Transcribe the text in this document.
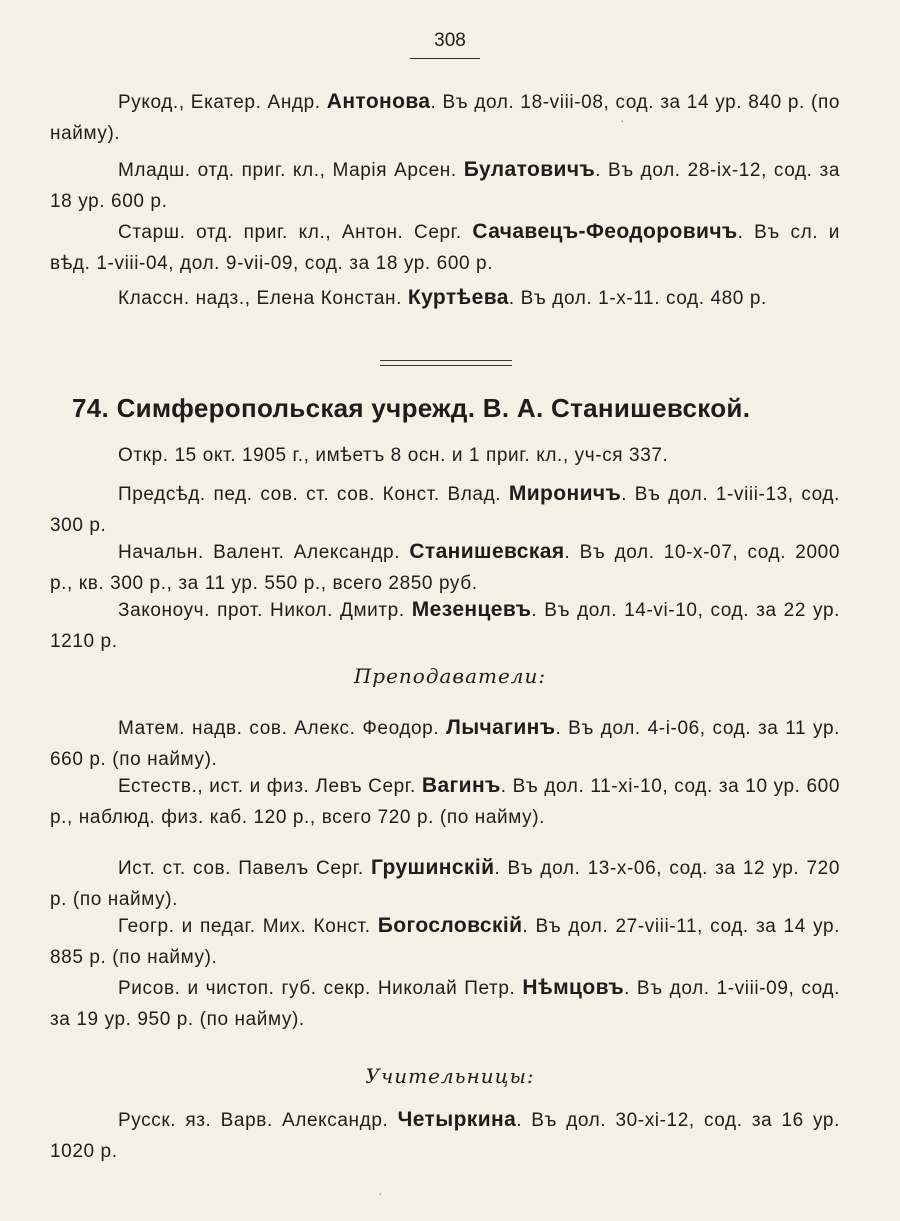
308
Рукод., Екатер. Андр. Антонова. Въ дол. 18-viii-08, сод. за 14 ур. 840 р. (по найму).
Младш. отд. приг. кл., Марія Арсен. Булатовичъ. Въ дол. 28-ix-12, сод. за 18 ур. 600 р.
Старш. отд. приг. кл., Антон. Серг. Сачавецъ-Феодоровичъ. Въ сл. и вѣд. 1-viii-04, дол. 9-vii-09, сод. за 18 ур. 600 р.
Классн. надз., Елена Констан. Куртѣева. Въ дол. 1-x-11. сод. 480 р.
74. Симферопольская учрежд. В. А. Станишевской.
Откр. 15 окт. 1905 г., имѣетъ 8 осн. и 1 приг. кл., уч-ся 337.
Предсѣд. пед. сов. ст. сов. Конст. Влад. Мироничъ. Въ дол. 1-viii-13, сод. 300 р.
Начальн. Валент. Александр. Станишевская. Въ дол. 10-x-07, сод. 2000 р., кв. 300 р., за 11 ур. 550 р., всего 2850 руб.
Законоуч. прот. Никол. Дмитр. Мезенцевъ. Въ дол. 14-vi-10, сод. за 22 ур. 1210 р.
Преподаватели:
Матем. надв. сов. Алекс. Феодор. Лычагинъ. Въ дол. 4-i-06, сод. за 11 ур. 660 р. (по найму).
Естеств., ист. и физ. Левъ Серг. Вагинъ. Въ дол. 11-xi-10, сод. за 10 ур. 600 р., наблюд. физ. каб. 120 р., всего 720 р. (по найму).
Ист. ст. сов. Павелъ Серг. Грушинскій. Въ дол. 13-x-06, сод. за 12 ур. 720 р. (по найму).
Геогр. и педаг. Мих. Конст. Богословскій. Въ дол. 27-viii-11, сод. за 14 ур. 885 р. (по найму).
Рисов. и чистоп. губ. секр. Николай Петр. Нѣмцовъ. Въ дол. 1-viii-09, сод. за 19 ур. 950 р. (по найму).
Учительницы:
Русск. яз. Варв. Александр. Четыркина. Въ дол. 30-xi-12, сод. за 16 ур. 1020 р.
·
·
